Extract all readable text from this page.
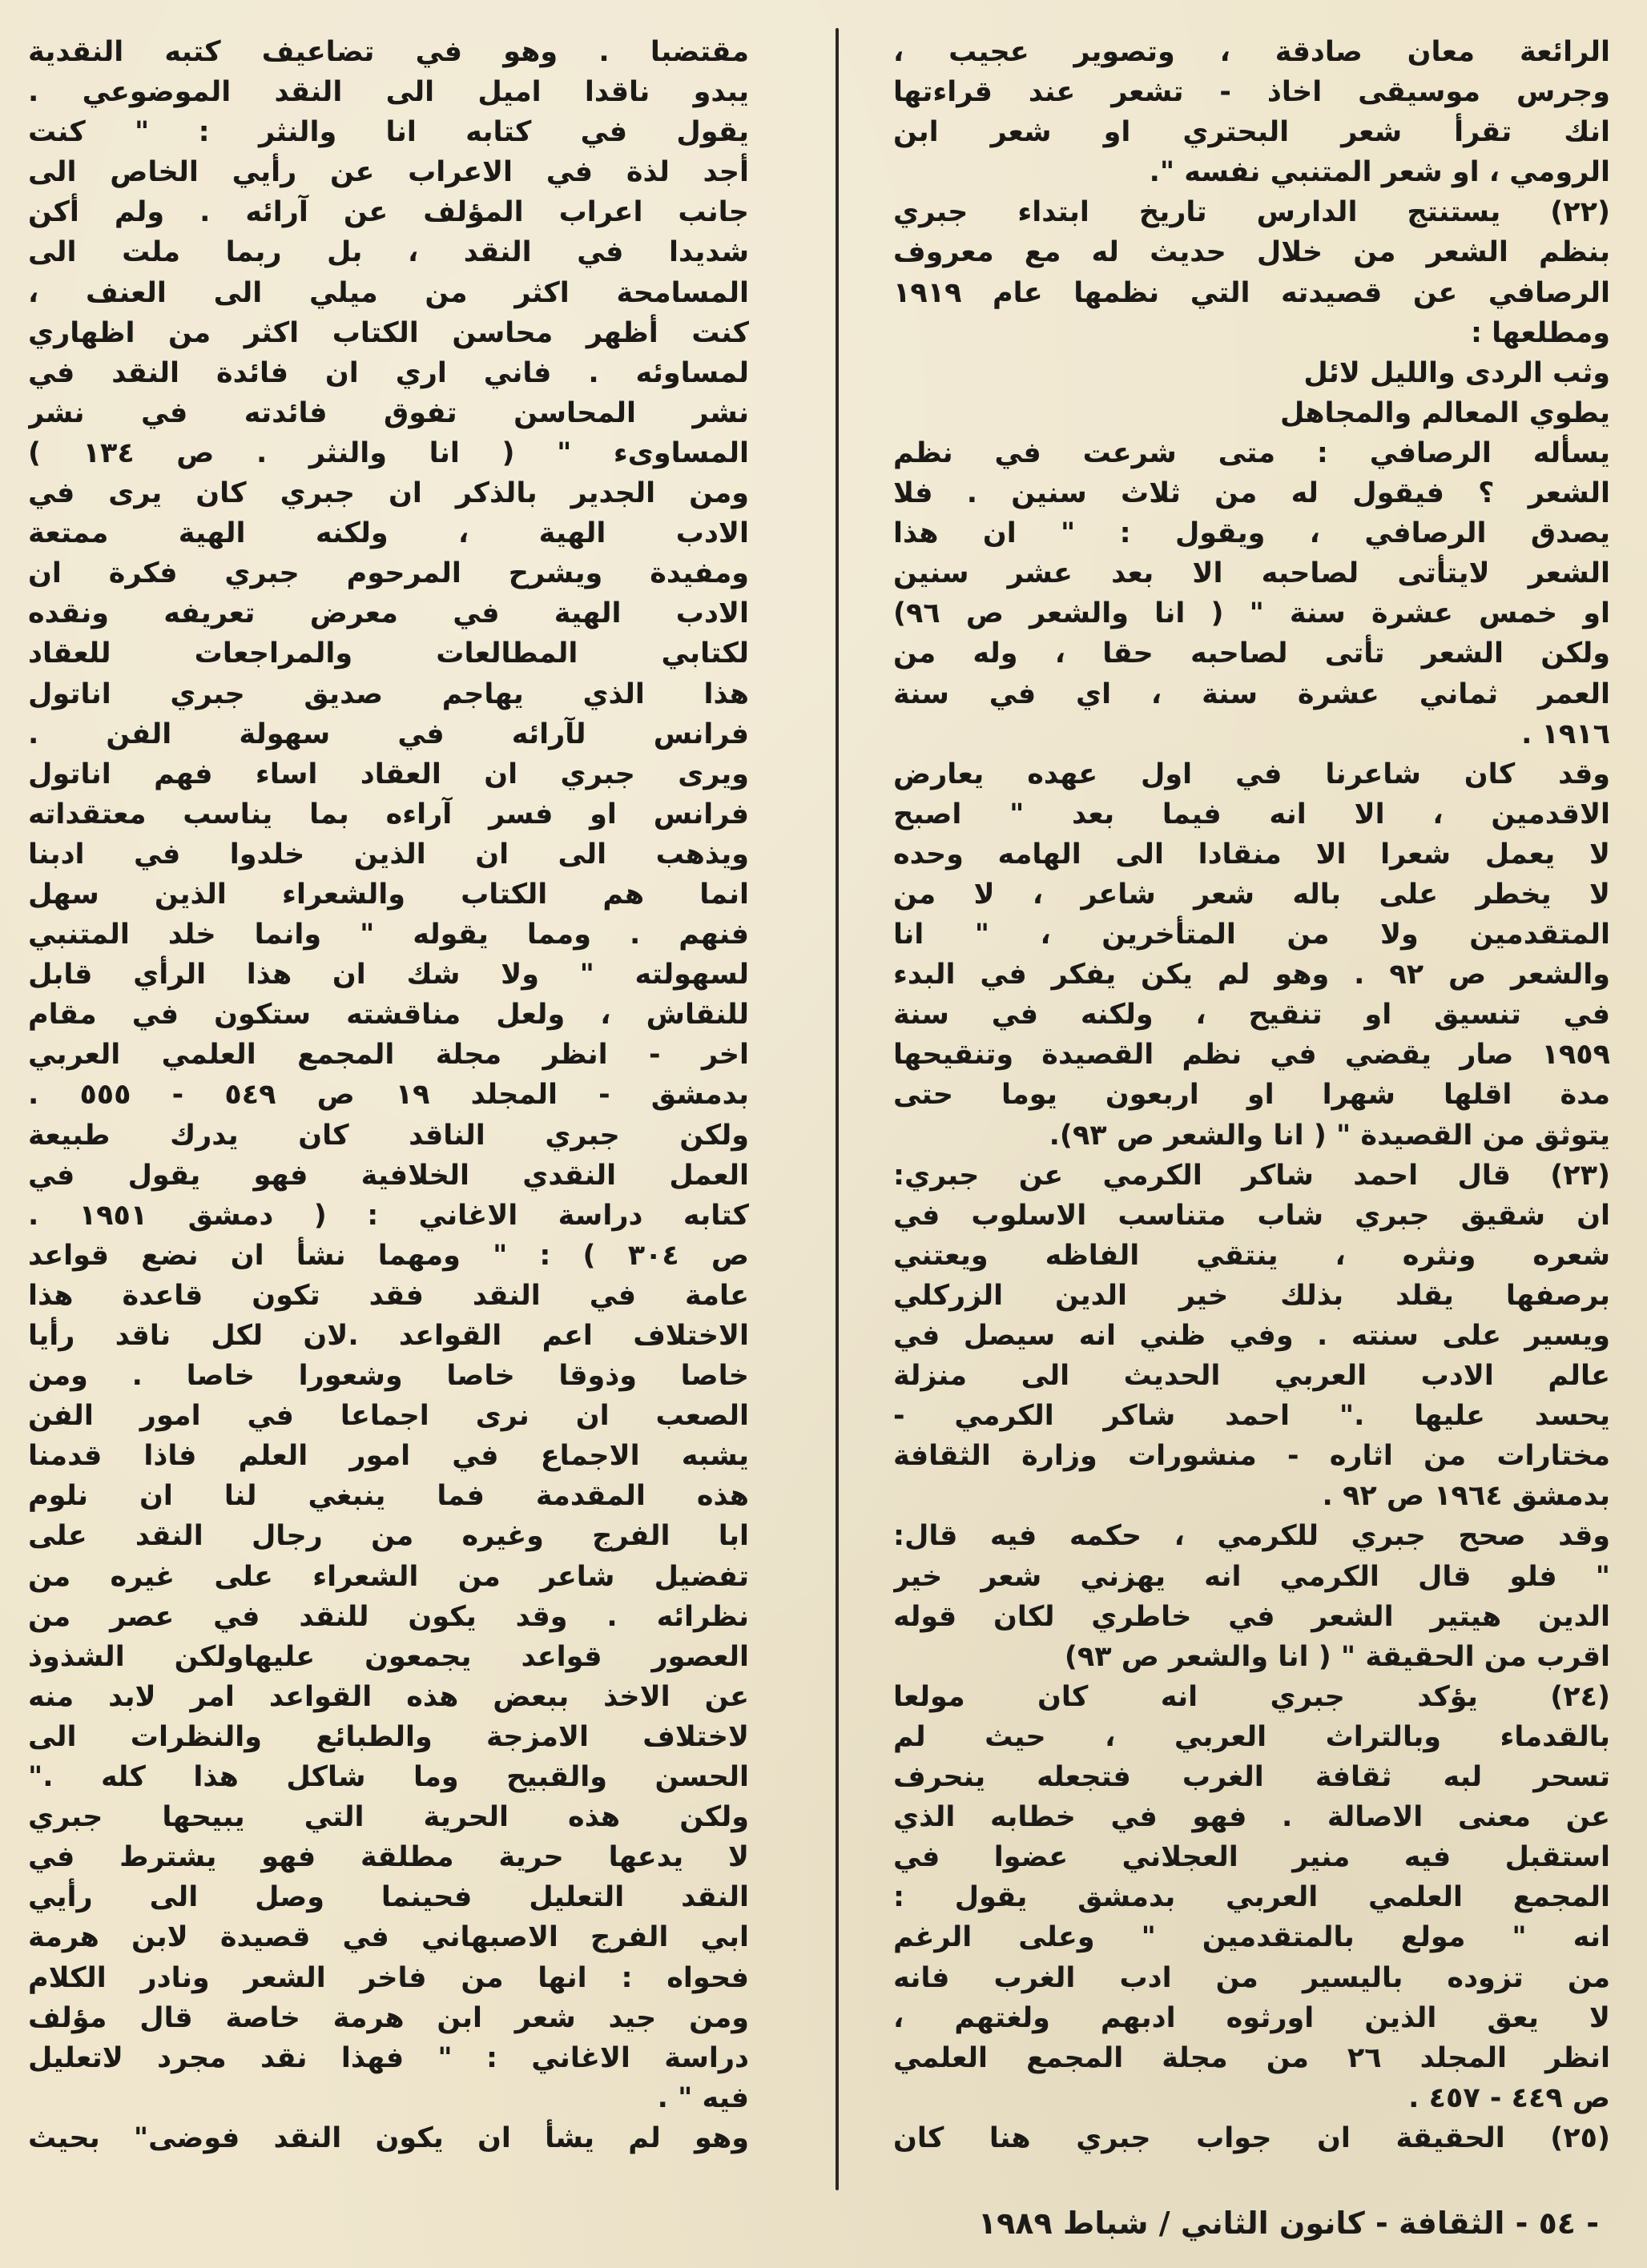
الرائعة معان صادقة ، وتصوير عجيب ،
وجرس موسيقى اخاذ - تشعر عند قراءتها
انك تقرأ شعر البحتري او شعر ابن
الرومي ، او شعر المتنبي نفسه ".
(٢٢) يستنتج الدارس تاريخ ابتداء جبري
بنظم الشعر من خلال حديث له مع معروف
الرصافي عن قصيدته التي نظمها عام ١٩١٩
ومطلعها :
وثب الردى والليل لائل
يطوي المعالم والمجاهل
يسأله الرصافي : متى شرعت في نظم
الشعر ؟ فيقول له من ثلاث سنين . فلا
يصدق الرصافي ، ويقول : " ان هذا
الشعر لايتأتى لصاحبه الا بعد عشر سنين
او خمس عشرة سنة " ( انا والشعر ص ٩٦)
ولكن الشعر تأتى لصاحبه حقا ، وله من
العمر ثماني عشرة سنة ، اي في سنة
١٩١٦ .
وقد كان شاعرنا في اول عهده يعارض
الاقدمين ، الا انه فيما بعد " اصبح
لا يعمل شعرا الا منقادا الى الهامه وحده
لا يخطر على باله شعر شاعر ، لا من
المتقدمين ولا من المتأخرين ، " انا
والشعر ص ٩٢ . وهو لم يكن يفكر في البدء
في تنسيق او تنقيح ، ولكنه في سنة
١٩٥٩ صار يقضي في نظم القصيدة وتنقيحها
مدة اقلها شهرا او اربعون يوما حتى
يتوثق من القصيدة " ( انا والشعر ص ٩٣).
(٢٣) قال احمد شاكر الكرمي عن جبري:
ان شقيق جبري شاب متناسب الاسلوب في
شعره ونثره ، ينتقي الفاظه ويعتني
برصفها يقلد بذلك خير الدين الزركلي
ويسير على سنته . وفي ظني انه سيصل في
عالم الادب العربي الحديث الى منزلة
يحسد عليها ." احمد شاكر الكرمي -
مختارات من اثاره - منشورات وزارة الثقافة
بدمشق ١٩٦٤ ص ٩٢ .
وقد صحح جبري للكرمي ، حكمه فيه قال:
" فلو قال الكرمي انه يهزني شعر خير
الدين هيتير الشعر في خاطري لكان قوله
اقرب من الحقيقة " ( انا والشعر ص ٩٣)
(٢٤) يؤكد جبري انه كان مولعا
بالقدماء وبالتراث العربي ، حيث لم
تسحر لبه ثقافة الغرب فتجعله ينحرف
عن معنى الاصالة . فهو في خطابه الذي
استقبل فيه منير العجلاني عضوا في
المجمع العلمي العربي بدمشق يقول :
انه " مولع بالمتقدمين " وعلى الرغم
من تزوده باليسير من ادب الغرب فانه
لا يعق الذين اورثوه ادبهم ولغتهم ،
انظر المجلد ٢٦ من مجلة المجمع العلمي
ص ٤٤٩ - ٤٥٧ .
(٢٥) الحقيقة ان جواب جبري هنا كان
مقتضبا . وهو في تضاعيف كتبه النقدية
يبدو ناقدا اميل الى النقد الموضوعي .
يقول في كتابه انا والنثر : " كنت
أجد لذة في الاعراب عن رأيي الخاص الى
جانب اعراب المؤلف عن آرائه . ولم أكن
شديدا في النقد ، بل ربما ملت الى
المسامحة اكثر من ميلي الى العنف ،
كنت أظهر محاسن الكتاب اكثر من اظهاري
لمساوئه . فاني اري ان فائدة النقد في
نشر المحاسن تفوق فائدته في نشر
المساوىء " ( انا والنثر . ص ١٣٤ )
ومن الجدير بالذكر ان جبري كان يرى في
الادب الهية ، ولكنه الهية ممتعة
ومفيدة ويشرح المرحوم جبري فكرة ان
الادب الهية في معرض تعريفه ونقده
لكتابي المطالعات والمراجعات للعقاد
هذا الذي يهاجم صديق جبري اناتول
فرانس لآرائه في سهولة الفن .
ويرى جبري ان العقاد اساء فهم اناتول
فرانس او فسر آراءه بما يناسب معتقداته
ويذهب الى ان الذين خلدوا في ادبنا
انما هم الكتاب والشعراء الذين سهل
فنهم . ومما يقوله " وانما خلد المتنبي
لسهولته " ولا شك ان هذا الرأي قابل
للنقاش ، ولعل مناقشته ستكون في مقام
اخر - انظر مجلة المجمع العلمي العربي
بدمشق - المجلد ١٩ ص ٥٤٩ - ٥٥٥ .
ولكن جبري الناقد كان يدرك طبيعة
العمل النقدي الخلافية فهو يقول في
كتابه دراسة الاغاني : ( دمشق ١٩٥١ .
ص ٣٠٤ ) : " ومهما نشأ ان نضع قواعد
عامة في النقد فقد تكون قاعدة هذا
الاختلاف اعم القواعد .لان لكل ناقد رأيا
خاصا وذوقا خاصا وشعورا خاصا . ومن
الصعب ان نرى اجماعا في امور الفن
يشبه الاجماع في امور العلم فاذا قدمنا
هذه المقدمة فما ينبغي لنا ان نلوم
ابا الفرج وغيره من رجال النقد على
تفضيل شاعر من الشعراء على غيره من
نظرائه . وقد يكون للنقد في عصر من
العصور قواعد يجمعون عليهاولكن الشذوذ
عن الاخذ ببعض هذه القواعد امر لابد منه
لاختلاف الامزجة والطبائع والنظرات الى
الحسن والقبيح وما شاكل هذا كله ."
ولكن هذه الحرية التي يبيحها جبري
لا يدعها حرية مطلقة فهو يشترط في
النقد التعليل فحينما وصل الى رأيي
ابي الفرج الاصبهاني في قصيدة لابن هرمة
فحواه : انها من فاخر الشعر ونادر الكلام
ومن جيد شعر ابن هرمة خاصة قال مؤلف
دراسة الاغاني : " فهذا نقد مجرد لاتعليل
فيه " .
وهو لم يشأ ان يكون النقد فوضى" بحيث
- ٥٤ - الثقافة - كانون الثاني / شباط ١٩٨٩
